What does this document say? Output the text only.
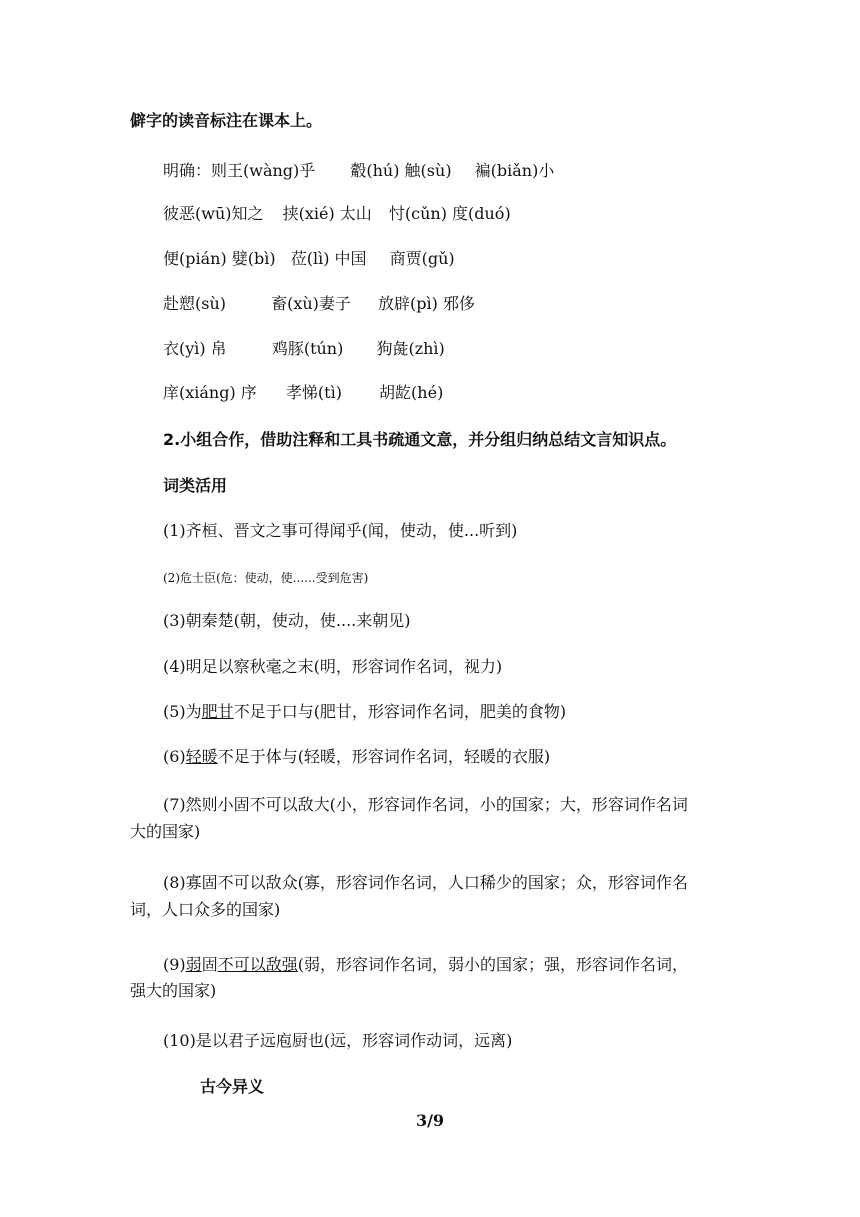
僻字的读音标注在课本上。
明确：则王(wàng)乎 觳(hú) 触(sù) 褊(biǎn)小
彼恶(wū)知之 挟(xié) 太山 忖(cǔn) 度(duó)
便(pián) 嬖(bì) 莅(lì) 中国 商贾(gǔ)
赴愬(sù)	畜(xù)妻子 放辟(pì) 邪侈
衣(yì) 帛	鸡豚(tún) 狗彘(zhì)
庠(xiáng) 序 孝悌(tì) 胡龁(hé)
2.小组合作，借助注释和工具书疏通文意，并分组归纳总结文言知识点。
词类活用
(1)齐桓、晋文之事可得闻乎(闻，使动，使...听到)
(2)危士臣(危：使动，使......受到危害)
(3)朝秦楚(朝，使动，使....来朝见)
(4)明足以察秋毫之末(明，形容词作名词，视力)
(5)为肥甘不足于口与(肥甘，形容词作名词，肥美的食物)
(6)轻暖不足于体与(轻暖，形容词作名词，轻暖的衣服)
(7)然则小固不可以敌大(小，形容词作名词，小的国家；大，形容词作名词
大的国家)
(8)寡固不可以敌众(寡，形容词作名词，人口稀少的国家；众，形容词作名
词，人口众多的国家)
(9)弱固不可以敌强(弱，形容词作名词，弱小的国家；强，形容词作名词，
强大的国家)
(10)是以君子远庖厨也(远，形容词作动词，远离)
古今异义
3/9
